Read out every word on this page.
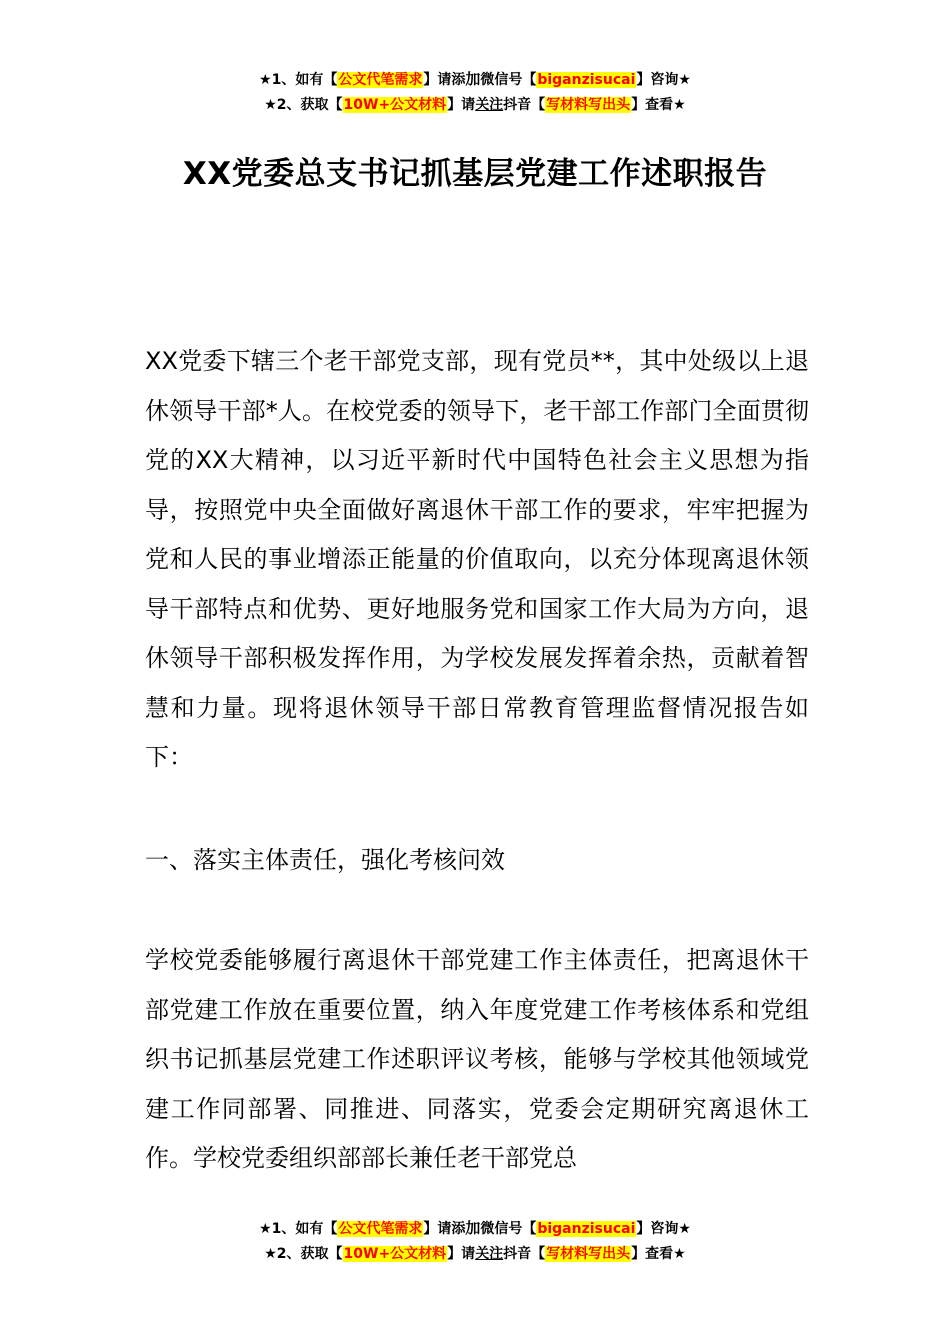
★1、如有【公文代笔需求】请添加微信号【biganzisucai】咨询★
★2、获取【10W+公文材料】请关注抖音【写材料写出头】查看★
XX党委总支书记抓基层党建工作述职报告
XX党委下辖三个老干部党支部，现有党员**，其中处级以上退休领导干部*人。在校党委的领导下，老干部工作部门全面贯彻党的XX大精神，以习近平新时代中国特色社会主义思想为指导，按照党中央全面做好离退休干部工作的要求，牢牢把握为党和人民的事业增添正能量的价值取向，以充分体现离退休领导干部特点和优势、更好地服务党和国家工作大局为方向，退休领导干部积极发挥作用，为学校发展发挥着余热，贡献着智慧和力量。现将退休领导干部日常教育管理监督情况报告如下：
一、落实主体责任，强化考核问效
学校党委能够履行离退休干部党建工作主体责任，把离退休干部党建工作放在重要位置，纳入年度党建工作考核体系和党组织书记抓基层党建工作述职评议考核，能够与学校其他领域党建工作同部署、同推进、同落实，党委会定期研究离退休工作。学校党委组织部部长兼任老干部党总
★1、如有【公文代笔需求】请添加微信号【biganzisucai】咨询★
★2、获取【10W+公文材料】请关注抖音【写材料写出头】查看★
